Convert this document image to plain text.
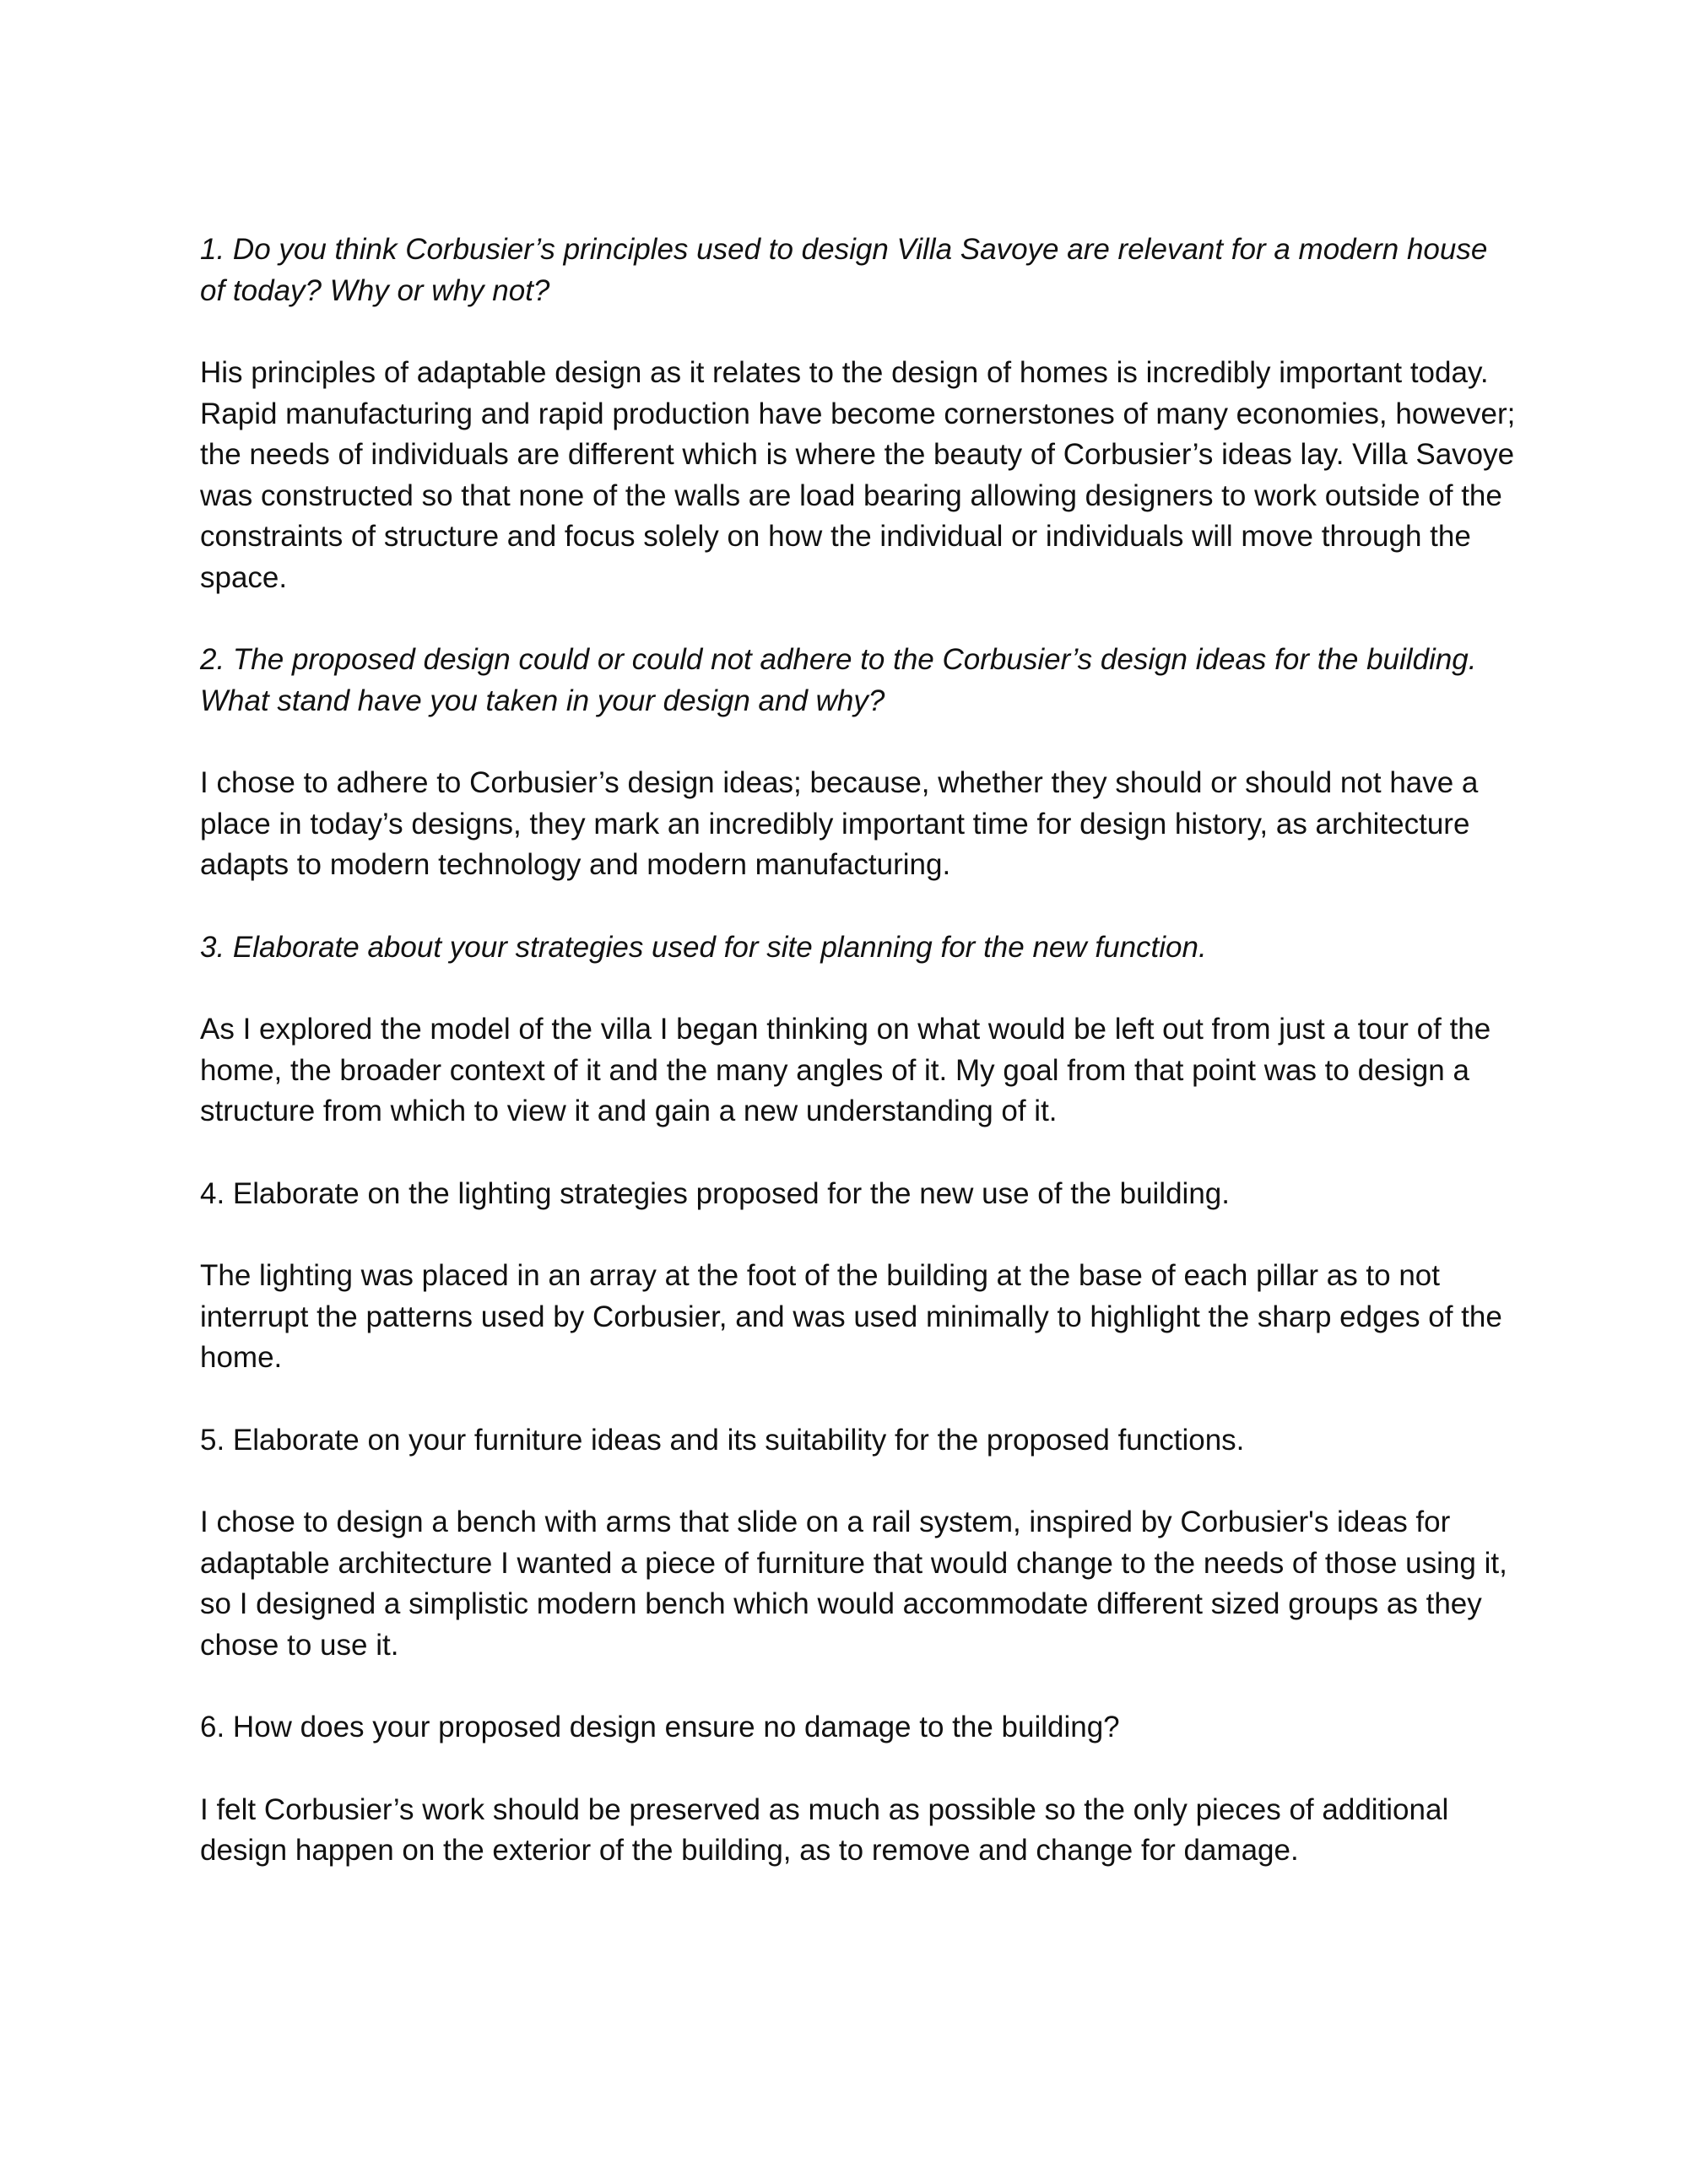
1. Do you think Corbusier’s principles used to design Villa Savoye are relevant for a modern house of today? Why or why not?

His principles of adaptable design as it relates to the design of homes is incredibly important today. Rapid manufacturing and rapid production have become cornerstones of many economies, however; the needs of individuals are different which is where the beauty of Corbusier’s ideas lay. Villa Savoye was constructed so that none of the walls are load bearing allowing designers to work outside of the constraints of structure and focus solely on how the individual or individuals will move through the space.

2. The proposed design could or could not adhere to the Corbusier’s design ideas for the building. What stand have you taken in your design and why?

I chose to adhere to Corbusier’s design ideas; because, whether they should or should not have a place in today’s designs, they mark an incredibly important time for design history, as architecture adapts to modern technology and modern manufacturing.

3. Elaborate about your strategies used for site planning for the new function.

As I explored the model of the villa I began thinking on what would be left out from just a tour of the home, the broader context of it and the many angles of it. My goal from that point was to design a structure from which to view it and gain a new understanding of it.

4. Elaborate on the lighting strategies proposed for the new use of the building.

The lighting was placed in an array at the foot of the building at the base of each pillar as to not interrupt the patterns used by Corbusier, and was used minimally to highlight the sharp edges of the home.

5. Elaborate on your furniture ideas and its suitability for the proposed functions.

I chose to design a bench with arms that slide on a rail system, inspired by Corbusier's ideas for adaptable architecture I wanted a piece of furniture that would change to the needs of those using it, so I designed a simplistic modern bench which would accommodate different sized groups as they chose to use it.

6. How does your proposed design ensure no damage to the building?

I felt Corbusier’s work should be preserved as much as possible so the only pieces of additional design happen on the exterior of the building, as to remove and change for damage.
